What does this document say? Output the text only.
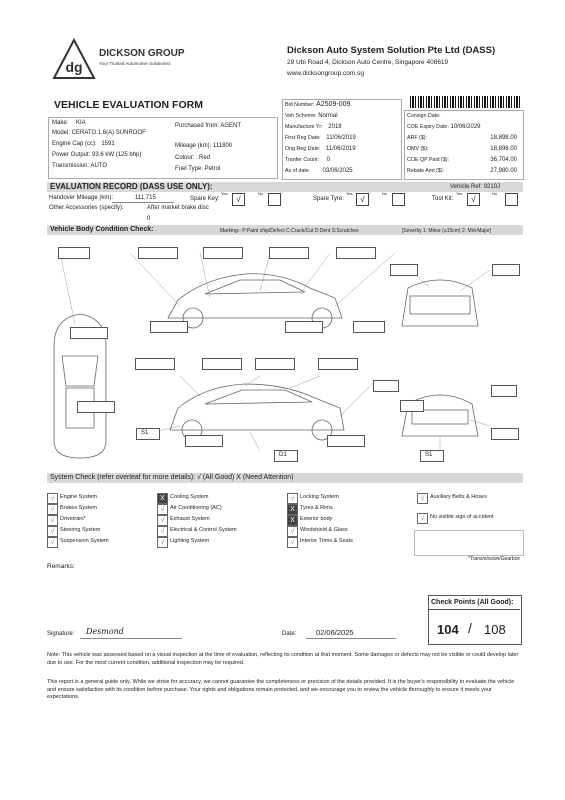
dg
DICKSON GROUP
Your Trusted Automotive Solutionist
Dickson Auto System Solution Pte Ltd (DASS)
29 Ubi Road 4, Dickson Auto Centre, Singapore 408619
www.dicksongroup.com.sg
VEHICLE EVALUATION FORM
Make: KIA
Model: CERATO 1.6(A) SUNROOF
Engine Cap (cc): 1591
Power Output: 93.6 kW (125 bhp)
Transmission: AUTO
Purchased from: AGENT
Mileage (km): 111800
Colour: Red
Fuel Type: Petrol
Bid Number: A2509-009
Veh Scheme: Normal
Manufacture Yr: 2018
First Reg Date: 11/06/2019
Orig Reg Date: 11/06/2019
Tranfer Count: 0
As of date 03/06/2025
Consign Date:
COE Expiry Date: 10/06/2029
ARF ($):	18,898.00
OMV ($):	18,898.00
COE QP Paid ($):	36,704.00
Rebate Amt ($):	27,980.00
EVALUATION RECORD (DASS USE ONLY):	Vehicle Ref: 9210J
Handover Mileage (km):	111,715	Spare Key:
Yes
√
No
Spare Tyre:
Yes
√
No
Tool Kit:
Yes
√
No
Other Accessories (specify):	After market brake disc
0
Vehicle Body Condition Check:	Marking:- P:Paint chip/Defect C:Crack/Cut D:Dent S:Scratches	[Severity 1: Minor (≤15cm) 2: Mid-Major]
S1
D1	S1
System Check (refer overleaf for more details): √ (All Good) X (Need Attention)
√	Engine System
√	Brakes System
√	Drivetrain*
√	Steering System
√	Suspension System
X Cooling System
√	Air Conditioning (AC)
√	Exhaust System
√	Electrical & Control System
√	Lighting System
√	Locking System
X Tyres & Rims
X Exterior body
√	Windshield & Glass
√	Interior Trims & Seats
√	Auxiliary Belts & Hoses
√	No visible sign of accident
*Transmission/Gearbox
Remarks:
Check Points (All Good):
104 / 108
Signature: Desmond	Date:	02/06/2025
Note: This vehicle was assessed based on a visual inspection at the time of evaluation, reflecting its condition at that moment. Some damages or defects may not be visible or could develop later due to use. For the most current condition, additional inspection may be required.
This report is a general guide only. While we strive for accuracy, we cannot guarantee the completeness or precision of the details provided. It is the buyer's responsibility to evaluate the vehicle and ensure satisfaction with its condition before purchase. Your rights and obligations remain protected, and we encourage you to review the vehicle thoroughly to ensure it meets your expectations.
